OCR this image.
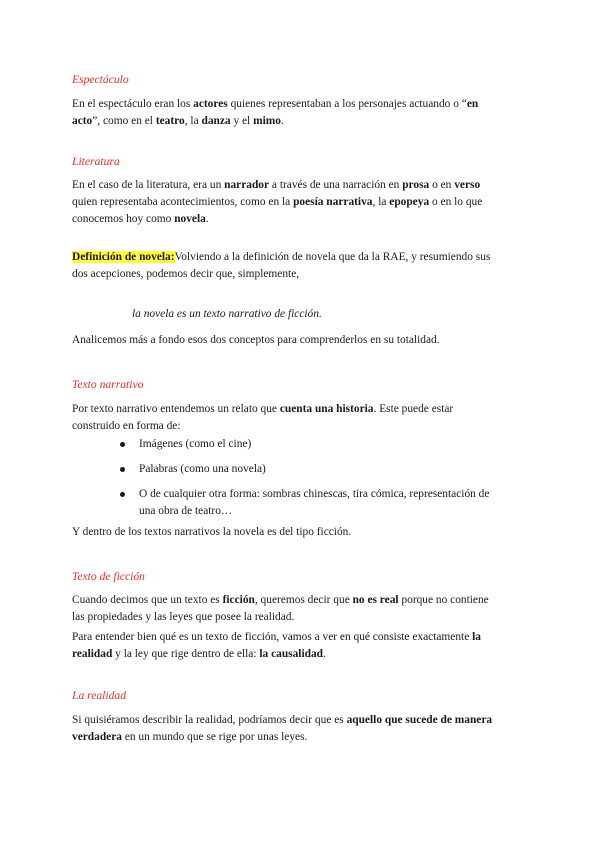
Espectáculo
En el espectáculo eran los actores quienes representaban a los personajes actuando o “en
acto”, como en el teatro, la danza y el mimo.
Literatura
En el caso de la literatura, era un narrador a través de una narración en prosa o en verso
quien representaba acontecimientos, como en la poesía narrativa, la epopeya o en lo que
conocemos hoy como novela.
Definición de novela:Volviendo a la definición de novela que da la RAE, y resumiendo sus
dos acepciones, podemos decir que, simplemente,
la novela es un texto narrativo de ficción.
Analicemos más a fondo esos dos conceptos para comprenderlos en su totalidad.
Texto narrativo
Por texto narrativo entendemos un relato que cuenta una historia. Este puede estar
construido en forma de:
Imágenes (como el cine)
Palabras (como una novela)
O de cualquier otra forma: sombras chinescas, tira cómica, representación de
una obra de teatro…
Y dentro de los textos narrativos la novela es del tipo ficción.
Texto de ficción
Cuando decimos que un texto es ficción, queremos decir que no es real porque no contiene
las propiedades y las leyes que posee la realidad.
Para entender bien qué es un texto de ficción, vamos a ver en qué consiste exactamente la
realidad y la ley que rige dentro de ella: la causalidad.
La realidad
Si quisiéramos describir la realidad, podríamos decir que es aquello que sucede de manera
verdadera en un mundo que se rige por unas leyes.
